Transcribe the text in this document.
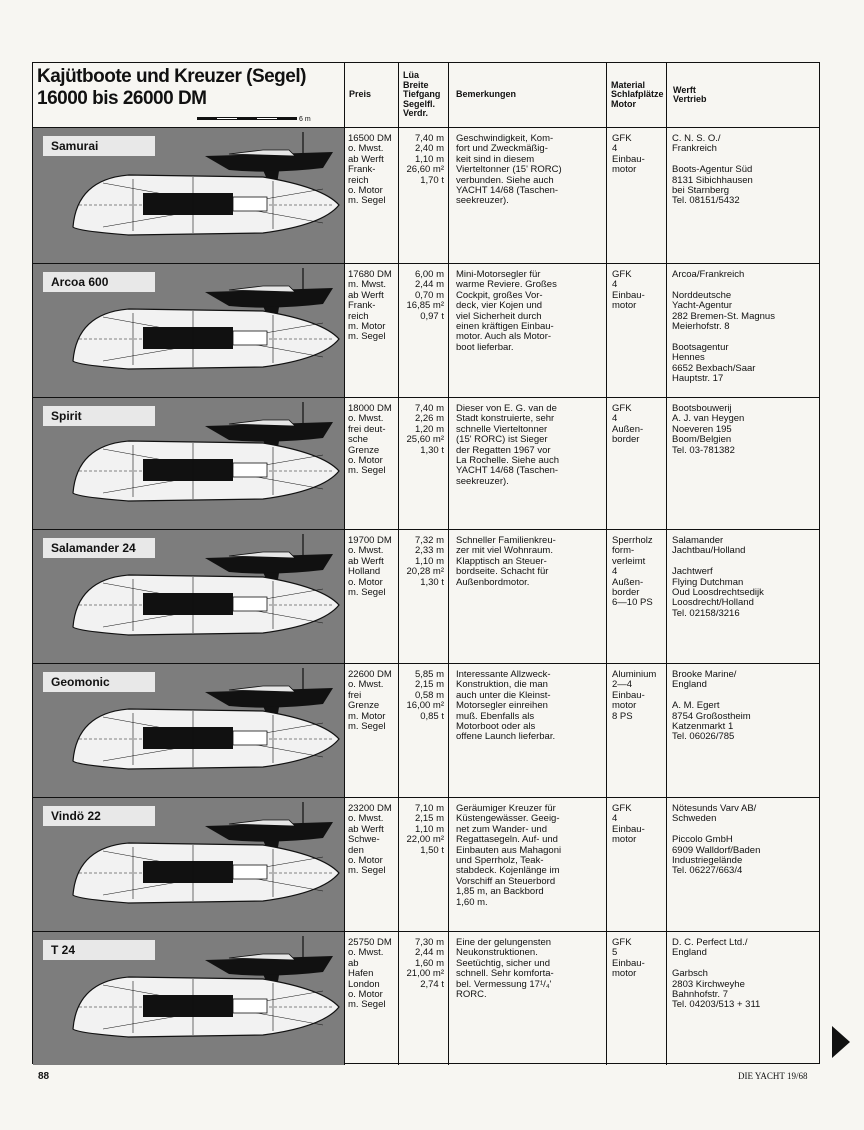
Kajütboote und Kreuzer (Segel)
16000 bis 26000 DM
6 m
Preis
Lüa
Breite
Tiefgang
Segelfl.
Verdr.
Bemerkungen
Material
Schlafplätze
Motor
Werft
Vertrieb
Samurai
16500 DM
o. Mwst.
ab Werft
Frank-
reich
o. Motor
m. Segel
7,40 m
2,40 m
1,10 m
26,60 m²
1,70 t
Geschwindigkeit, Kom-
fort und Zweckmäßig-
keit sind in diesem
Vierteltonner (15' RORC)
verbunden. Siehe auch
YACHT 14/68 (Taschen-
seekreuzer).
GFK
4
Einbau-
motor
C. N. S. O./
Frankreich

Boots-Agentur Süd
8131 Sibichhausen
bei Starnberg
Tel. 08151/5432
Arcoa 600
17680 DM
m. Mwst.
ab Werft
Frank-
reich
m. Motor
m. Segel
6,00 m
2,44 m
0,70 m
16,85 m²
0,97 t
Mini-Motorsegler für
warme Reviere. Großes
Cockpit, großes Vor-
deck, vier Kojen und
viel Sicherheit durch
einen kräftigen Einbau-
motor. Auch als Motor-
boot lieferbar.
GFK
4
Einbau-
motor
Arcoa/Frankreich

Norddeutsche
Yacht-Agentur
282 Bremen-St. Magnus
Meierhofstr. 8

Bootsagentur
Hennes
6652 Bexbach/Saar
Hauptstr. 17
Spirit
18000 DM
o. Mwst.
frei deut-
sche
Grenze
o. Motor
m. Segel
7,40 m
2,26 m
1,20 m
25,60 m²
1,30 t
Dieser von E. G. van de
Stadt konstruierte, sehr
schnelle Vierteltonner
(15' RORC) ist Sieger
der Regatten 1967 vor
La Rochelle. Siehe auch
YACHT 14/68 (Taschen-
seekreuzer).
GFK
4
Außen-
border
Bootsbouwerij
A. J. van Heygen
Noeveren 195
Boom/Belgien
Tel. 03-781382
Salamander 24
19700 DM
o. Mwst.
ab Werft
Holland
o. Motor
m. Segel
7,32 m
2,33 m
1,10 m
20,28 m²
1,30 t
Schneller Familienkreu-
zer mit viel Wohnraum.
Klapptisch an Steuer-
bordseite. Schacht für
Außenbordmotor.
Sperrholz
form-
verleimt
4
Außen-
border
6—10 PS
Salamander
Jachtbau/Holland

Jachtwerf
Flying Dutchman
Oud Loosdrechtsedijk
Loosdrecht/Holland
Tel. 02158/3216
Geomonic
22600 DM
o. Mwst.
frei
Grenze
m. Motor
m. Segel
5,85 m
2,15 m
0,58 m
16,00 m²
0,85 t
Interessante Allzweck-
Konstruktion, die man
auch unter die Kleinst-
Motorsegler einreihen
muß. Ebenfalls als
Motorboot oder als
offene Launch lieferbar.
Aluminium
2—4
Einbau-
motor
8 PS
Brooke Marine/
England

A. M. Egert
8754 Großostheim
Katzenmarkt 1
Tel. 06026/785
Vindö 22
23200 DM
o. Mwst.
ab Werft
Schwe-
den
o. Motor
m. Segel
7,10 m
2,15 m
1,10 m
22,00 m²
1,50 t
Geräumiger Kreuzer für
Küstengewässer. Geeig-
net zum Wander- und
Regattasegeln. Auf- und
Einbauten aus Mahagoni
und Sperrholz, Teak-
stabdeck. Kojenlänge im
Vorschiff an Steuerbord
1,85 m, an Backbord
1,60 m.
GFK
4
Einbau-
motor
Nötesunds Varv AB/
Schweden

Piccolo GmbH
6909 Walldorf/Baden
Industriegelände
Tel. 06227/663/4
T 24
25750 DM
o. Mwst.
ab
Hafen
London
o. Motor
m. Segel
7,30 m
2,44 m
1,60 m
21,00 m²
2,74 t
Eine der gelungensten
Neukonstruktionen.
Seetüchtig, sicher und
schnell. Sehr komforta-
bel. Vermessung 17¹/₄'
RORC.
GFK
5
Einbau-
motor
D. C. Perfect Ltd./
England

Garbsch
2803 Kirchweyhe
Bahnhofstr. 7
Tel. 04203/513 + 311
88	DIE YACHT 19/68
